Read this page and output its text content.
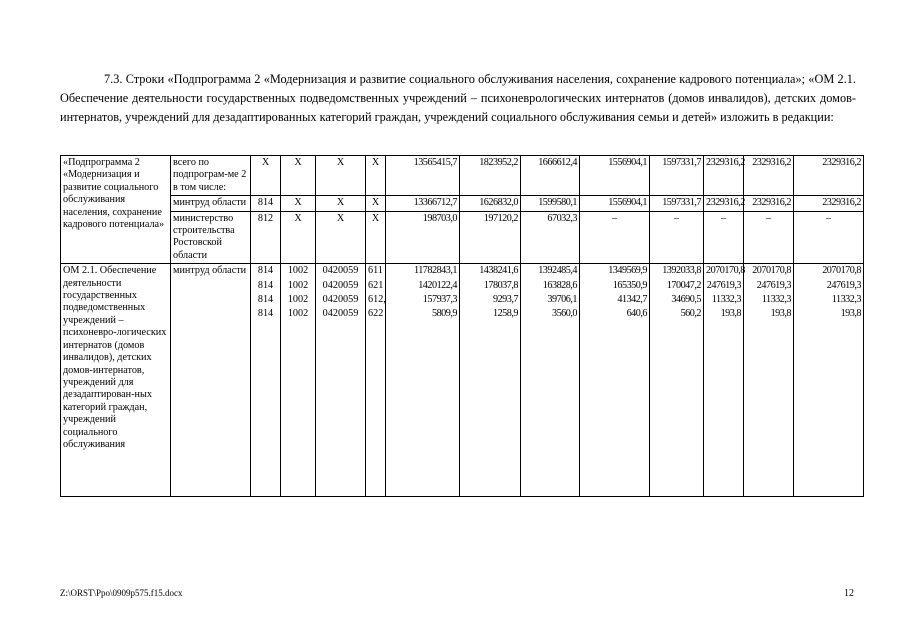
7.3. Строки «Подпрограмма 2 «Модернизация и развитие социального обслуживания населения, сохранение кадрового потенциала»; «ОМ 2.1. Обеспечение деятельности государственных подведомственных учреждений – психоневрологических интернатов (домов инвалидов), детских домов-интернатов, учреждений для дезадаптированных категорий граждан, учреждений социального обслуживания семьи и детей» изложить в редакции:

«Подпрограмма 2 «Модернизация и развитие социального обслуживания населения, сохранение кадрового потенциала»	всего по подпрограм-ме 2 в том числе:	X	X	X	X	13565415,7	1823952,2	1666612,4	1556904,1	1597331,7	2329316,2	2329316,2	2329316,2
	минтруд области	814	X	X	X	13366712,7	1626832,0	1599580,1	1556904,1	1597331,7	2329316,2	2329316,2	2329316,2
	министерство строительства Ростовской области	812	X	X	X	198703,0	197120,2	67032,3	–	–	–	–	–
ОМ 2.1. Обеспечение деятельности государственных подведомственных учреждений – психоневро-логических интернатов (домов инвалидов), детских домов-интернатов, учреждений для дезадаптирован-ных категорий граждан, учреждений социального обслуживания	минтруд области	814	1002	0420059	611	11782843,1	1438241,6	1392485,4	1349569,9	1392033,8	2070170,8	2070170,8	2070170,8
		814	1002	0420059	621	1420122,4	178037,8	163828,6	165350,9	170047,2	247619,3	247619,3	247619,3
		814	1002	0420059	612,	157937,3	9293,7	39706,1	41342,7	34690,5	11332,3	11332,3	11332,3
		814	1002	0420059	622	5809,9	1258,9	3560,0	640,6	560,2	193,8	193,8	193,8
Z:\ORST\Ppo\0909p575.f15.docx	12
